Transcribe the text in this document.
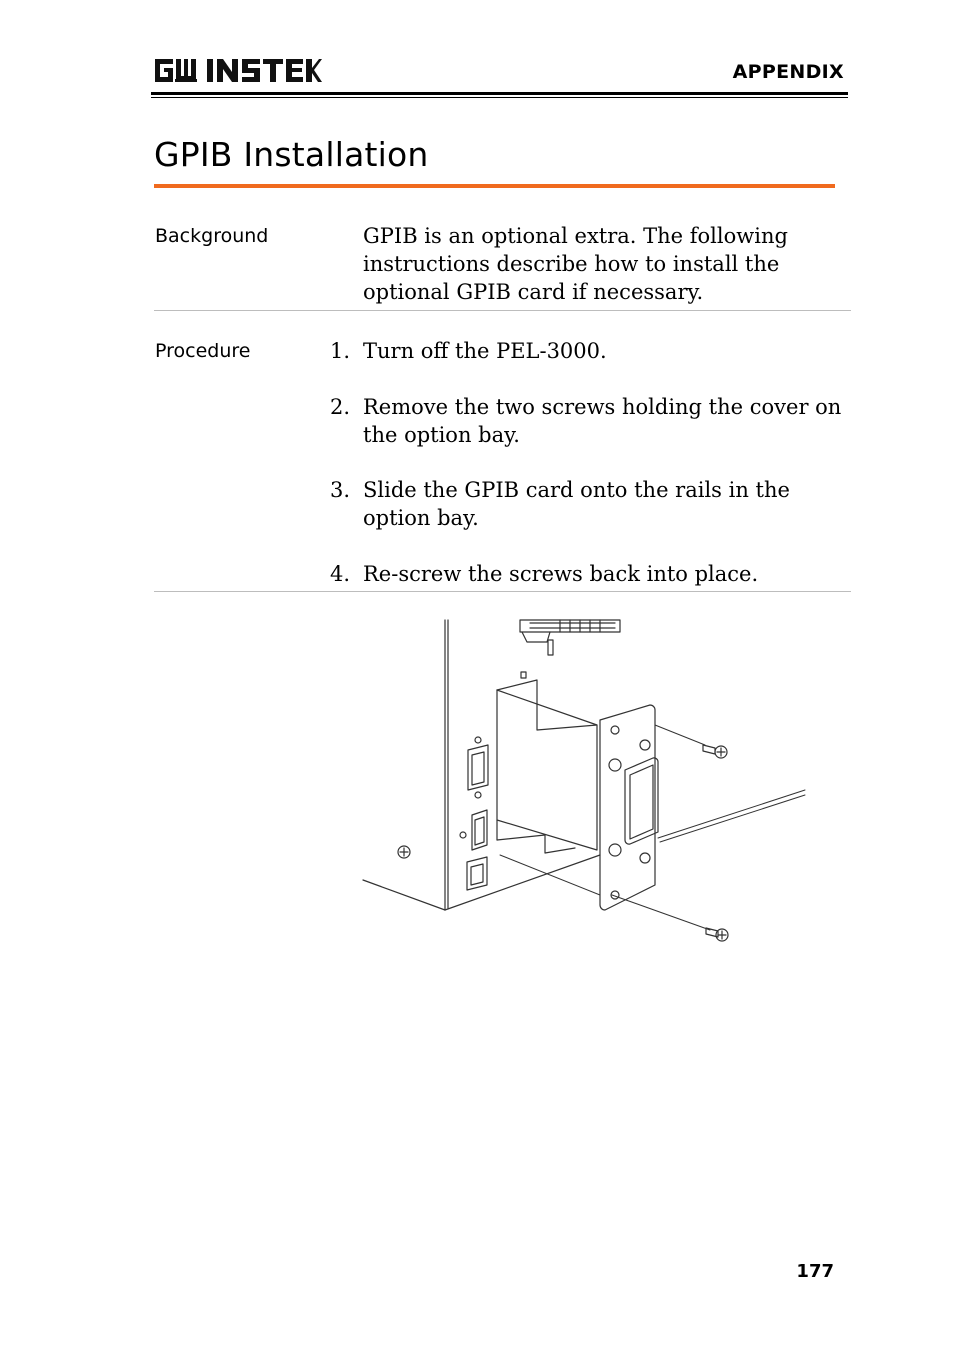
APPENDIX
GPIB Installation
Background	GPIB is an optional extra. The following instructions describe how to install the optional GPIB card if necessary.
Procedure	1. Turn off the PEL-3000.
2. Remove the two screws holding the cover on the option bay.
3. Slide the GPIB card onto the rails in the option bay.
4. Re-screw the screws back into place.
177
